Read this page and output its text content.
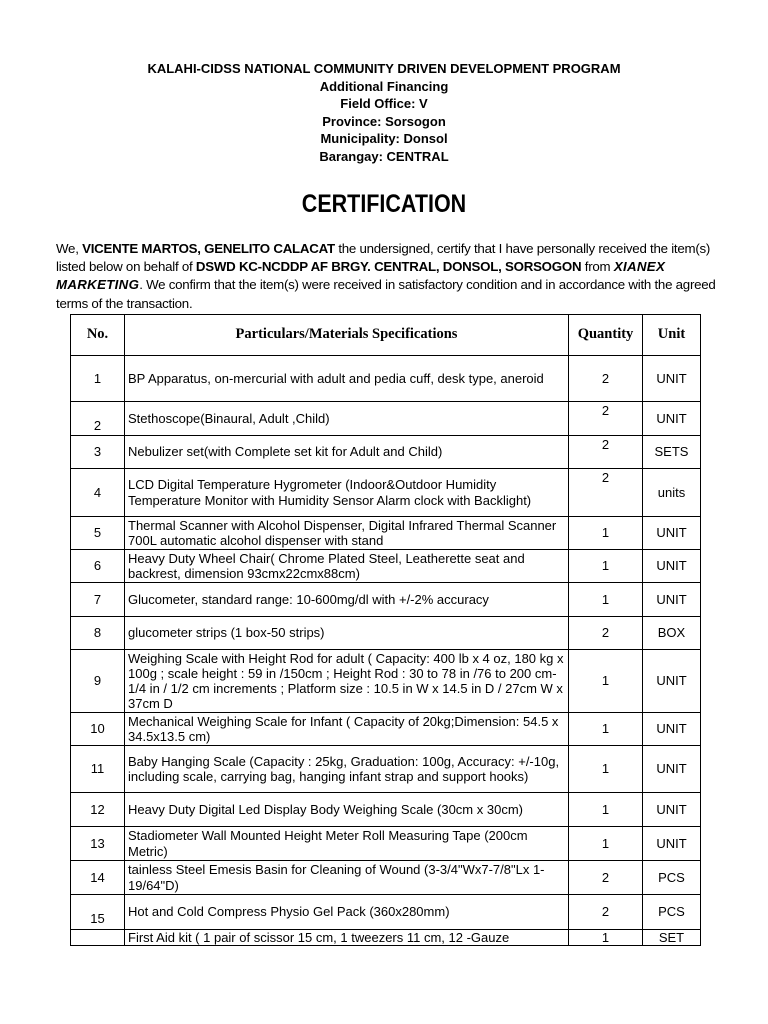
KALAHI-CIDSS NATIONAL COMMUNITY DRIVEN DEVELOPMENT PROGRAM
Additional Financing
Field Office: V
Province: Sorsogon
Municipality: Donsol
Barangay: CENTRAL
CERTIFICATION
We, VICENTE MARTOS, GENELITO CALACAT the undersigned, certify that I have personally received the item(s) listed below on behalf of DSWD KC-NCDDP AF BRGY. CENTRAL, DONSOL, SORSOGON from XIANEX MARKETING. We confirm that the item(s) were received in satisfactory condition and in accordance with the agreed terms of the transaction.
No.	Particulars/Materials Specifications	Quantity	Unit
1	BP Apparatus, on-mercurial with adult and pedia cuff, desk type, aneroid	2	UNIT
2	Stethoscope(Binaural, Adult ,Child)	2	UNIT
3	Nebulizer set(with Complete set kit for Adult and Child)	2	SETS
4	LCD Digital Temperature Hygrometer (Indoor&Outdoor Humidity Temperature Monitor with Humidity Sensor Alarm clock with Backlight)	2	units
5	Thermal Scanner with Alcohol Dispenser, Digital Infrared Thermal Scanner 700L automatic alcohol dispenser with stand	1	UNIT
6	Heavy Duty Wheel Chair( Chrome Plated Steel, Leatherette seat and backrest, dimension 93cmx22cmx88cm)	1	UNIT
7	Glucometer, standard range: 10-600mg/dl with +/-2% accuracy	1	UNIT
8	glucometer strips (1 box-50 strips)	2	BOX
9	Weighing Scale with Height Rod for adult ( Capacity: 400 lb x 4 oz, 180 kg x 100g ; scale height : 59 in /150cm ; Height Rod : 30 to 78 in /76 to 200 cm-1/4 in / 1/2 cm increments ; Platform size : 10.5 in W x 14.5 in D / 27cm W x 37cm D	1	UNIT
10	Mechanical Weighing Scale for Infant ( Capacity of 20kg;Dimension: 54.5 x 34.5x13.5 cm)	1	UNIT
11	Baby Hanging Scale (Capacity : 25kg, Graduation: 100g, Accuracy: +/-10g, including scale, carrying bag, hanging infant strap and support hooks)	1	UNIT
12	Heavy Duty Digital Led Display Body Weighing Scale (30cm x 30cm)	1	UNIT
13	Stadiometer Wall Mounted Height Meter Roll Measuring Tape (200cm Metric)	1	UNIT
14	tainless Steel Emesis Basin for Cleaning of Wound (3-3/4"Wx7-7/8"Lx 1-19/64"D)	2	PCS
15	Hot and Cold Compress Physio Gel Pack (360x280mm)	2	PCS
	First Aid kit ( 1 pair of scissor 15 cm, 1 tweezers 11 cm, 12 -Gauze	1	SET
